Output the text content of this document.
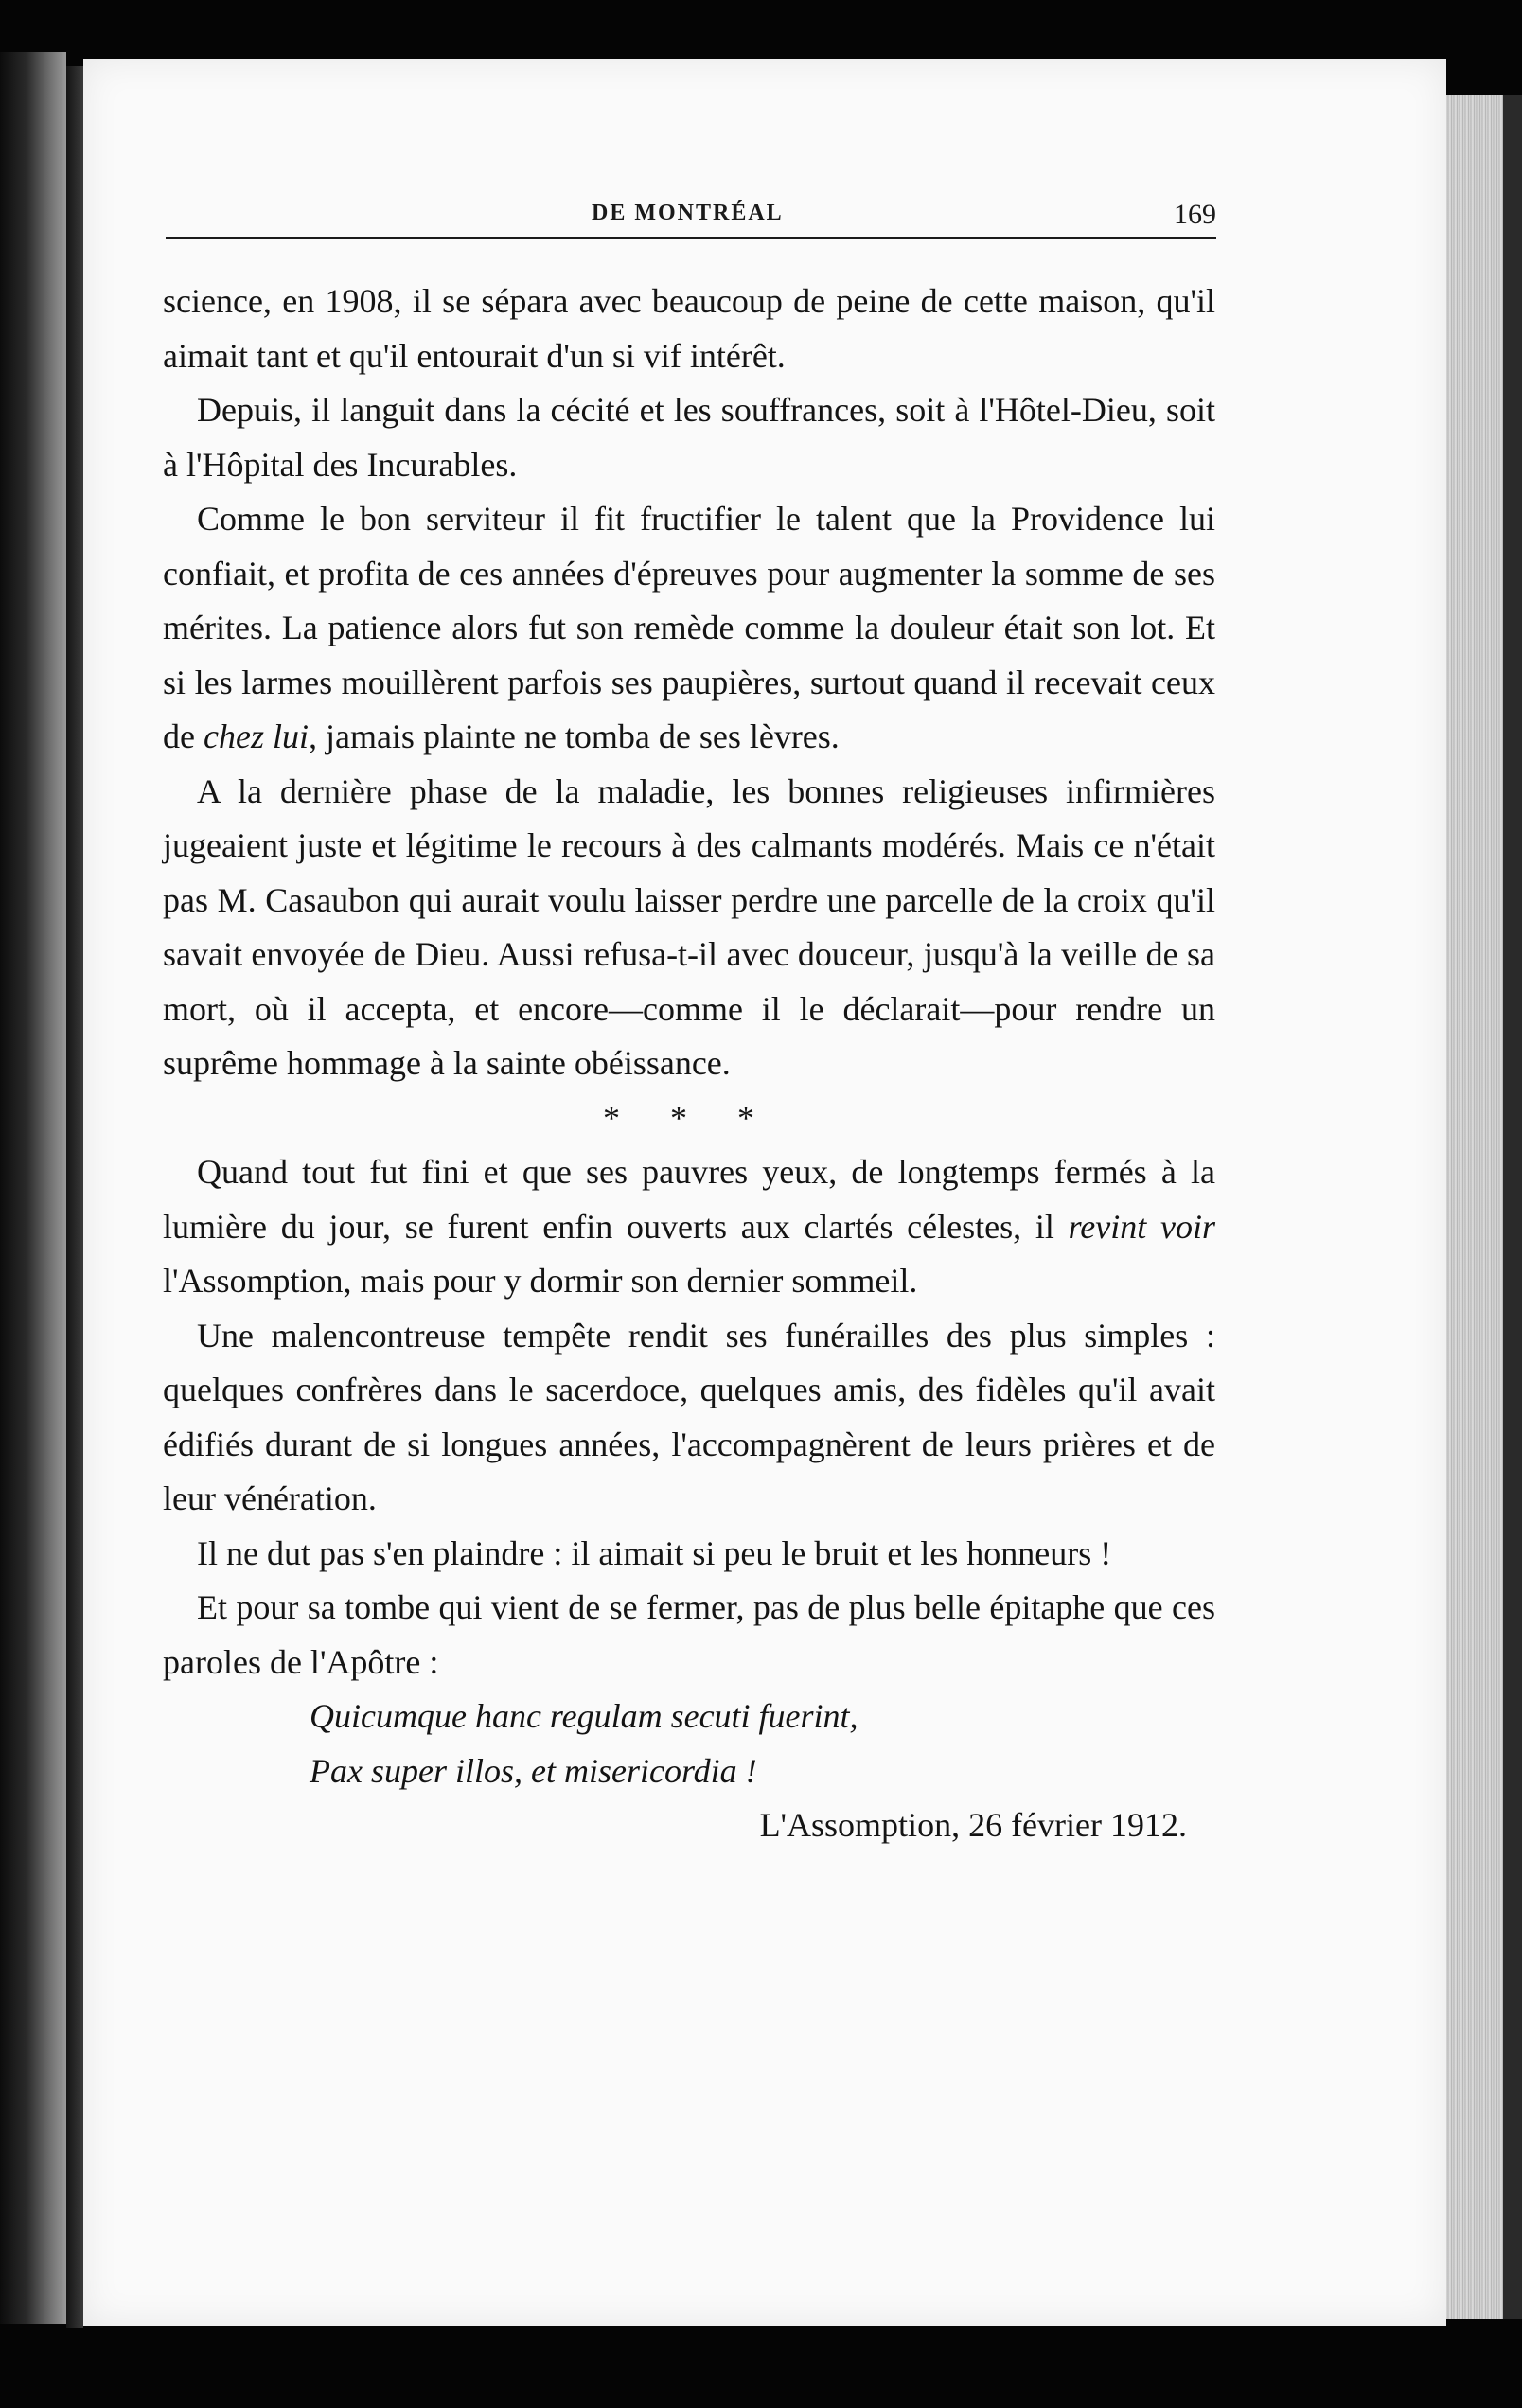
DE MONTRÉAL	169

science, en 1908, il se sépara avec beaucoup de peine de cette maison, qu'il aimait tant et qu'il entourait d'un si vif intérêt.

Depuis, il languit dans la cécité et les souffrances, soit à l'Hôtel-Dieu, soit à l'Hôpital des Incurables.

Comme le bon serviteur il fit fructifier le talent que la Providence lui confiait, et profita de ces années d'épreuves pour augmenter la somme de ses mérites. La patience alors fut son remède comme la douleur était son lot. Et si les larmes mouillèrent parfois ses paupières, surtout quand il recevait ceux de chez lui, jamais plainte ne tomba de ses lèvres.

A la dernière phase de la maladie, les bonnes religieuses infirmières jugeaient juste et légitime le recours à des calmants modérés. Mais ce n'était pas M. Casaubon qui aurait voulu laisser perdre une parcelle de la croix qu'il savait envoyée de Dieu. Aussi refusa-t-il avec douceur, jusqu'à la veille de sa mort, où il accepta, et encore—comme il le déclarait—pour rendre un suprême hommage à la sainte obéissance.

* * *

Quand tout fut fini et que ses pauvres yeux, de longtemps fermés à la lumière du jour, se furent enfin ouverts aux clartés célestes, il revint voir l'Assomption, mais pour y dormir son dernier sommeil.

Une malencontreuse tempête rendit ses funérailles des plus simples : quelques confrères dans le sacerdoce, quelques amis, des fidèles qu'il avait édifiés durant de si longues années, l'accompagnèrent de leurs prières et de leur vénération.

Il ne dut pas s'en plaindre : il aimait si peu le bruit et les honneurs !

Et pour sa tombe qui vient de se fermer, pas de plus belle épitaphe que ces paroles de l'Apôtre :

Quicumque hanc regulam secuti fuerint,

Pax super illos, et misericordia !

L'Assomption, 26 février 1912.
